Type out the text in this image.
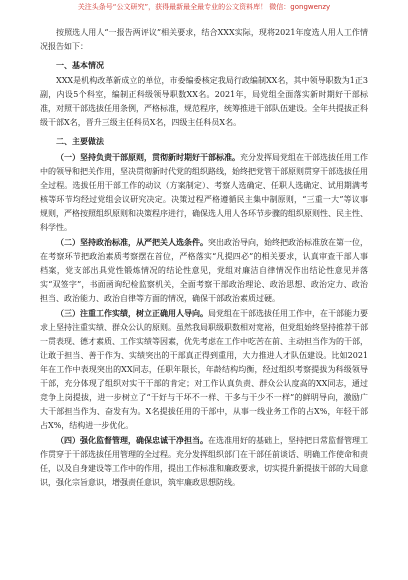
关注头条号“公文研究”，获得最新最全最专业的公文资料库！ 微信：gongwenzy

按照选人用人“一报告两评议”相关要求，结合XXX实际，现将2021年度选人用人工作情况报告如下：

一、基本情况

XXX是机构改革新成立的单位，市委编委核定我局行政编制XX名，其中领导职数为1正3副，内设5个科室，编制正科级领导职数XX名。2021年，局党组全面落实新时期好干部标准，对照干部选拔任用条例，严格标准，规范程序，统筹推进干部队伍建设。全年共提拔正科级干部X名，晋升三级主任科员X名，四级主任科员X名。

二、主要做法

（一）坚持负责干部原则，贯彻新时期好干部标准。充分发挥局党组在干部选拔任用工作中的领导和把关作用，坚决贯彻新时代党的组织路线，始终把党管干部原则贯穿干部选拔任用全过程。选拔任用干部工作的动议（方案制定）、考察人选确定、任职人选确定、试用期满考核等环节均经过党组会议研究决定。决策过程严格遵循民主集中制原则，“三重一大”等议事规则，严格按照组织原则和决策程序进行，确保选人用人各环节步骤的组织原则性、民主性、科学性。

（二）坚持政治标准，从严把关人选条件。突出政治导向，始终把政治标准放在第一位，在考察环节把政治素质考察摆在首位，严格落实“凡提四必”的相关要求，认真审查干部人事档案，党支部出具党性锻炼情况的结论性意见，党组对廉洁自律情况作出结论性意见并落实“双签字”，书面函询纪检监察机关，全面考察干部政治理论、政治思想、政治定力、政治担当、政治能力、政治自律等方面的情况，确保干部政治素质过硬。

（三）注重工作实绩，树立正确用人导向。局党组在干部选拔任用工作中，在干部能力要求上坚持注重实绩、群众公认的原则。虽然我局职级职数相对宽裕，但党组始终坚持推荐干部一贯表现、德才素质、工作实绩等因素，优先考虑在工作中吃苦在前、主动担当作为的干部，让敢于担当、善于作为、实绩突出的干部真正得到重用，大力推进人才队伍建设。比如2021年在工作中表现突出的XX同志，任职年限长，年龄结构均衡，经过组织考察提拔为科级领导干部，充分体现了组织对实干干部的肯定；对工作认真负责、群众公认度高的XX同志，通过竞争上岗提拔，进一步树立了“干好与干坏不一样、干多与干少不一样”的鲜明导向，激励广大干部担当作为、奋发有为。X名提拔任用的干部中，从事一线业务工作的占X%，年轻干部占X%，结构进一步优化。

（四）强化监督管理，确保忠诚干净担当。在选准用好的基础上，坚持把日常监督管理工作贯穿于干部选拔任用管理的全过程。充分发挥组织部门在干部任前谈话、明确工作使命和责任，以及自身建设等工作中的作用，提出工作标准和廉政要求，切实提升新提拔干部的大局意识，强化宗旨意识，增强责任意识，筑牢廉政思想防线。
